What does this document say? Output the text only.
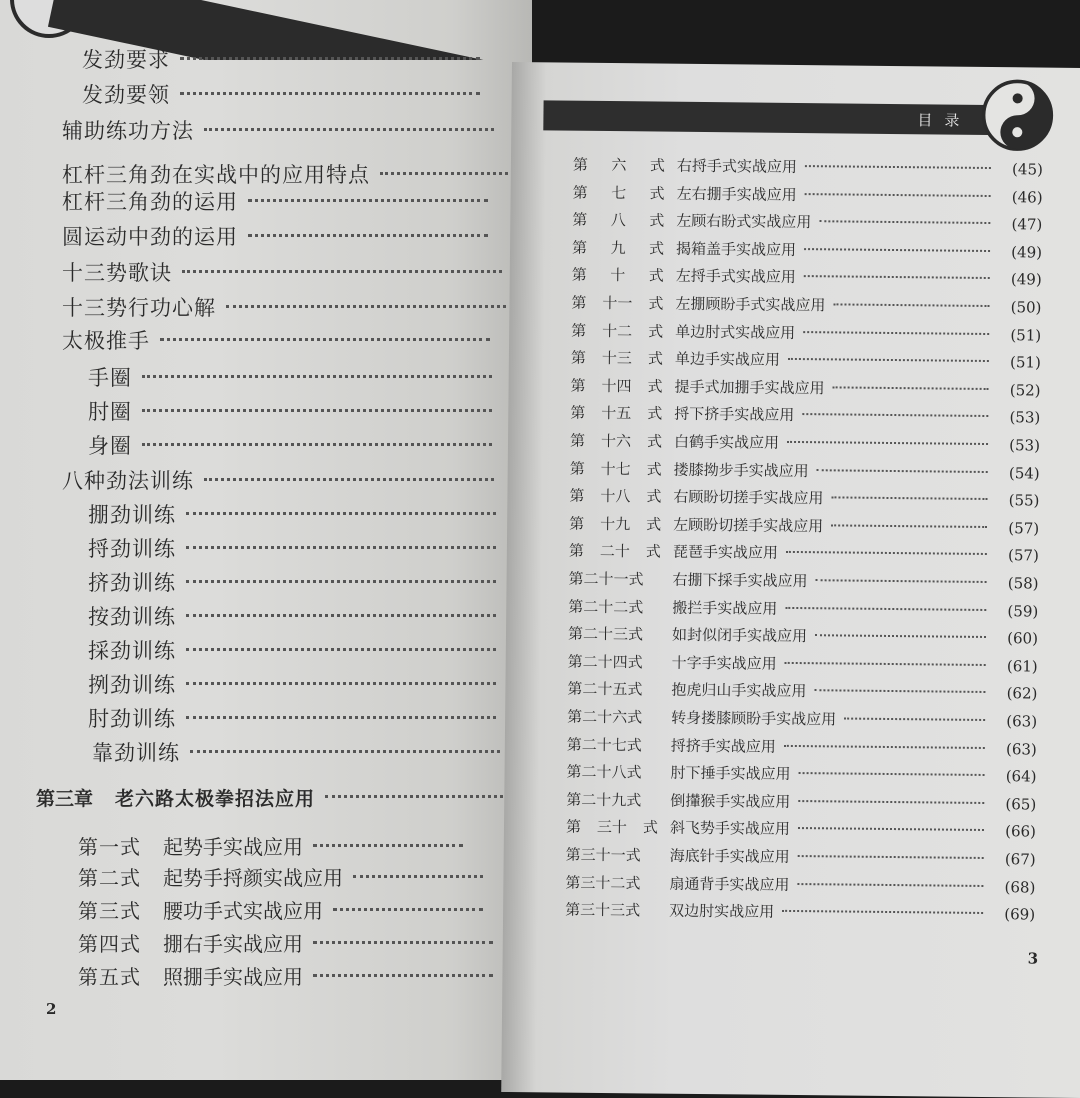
发劲要求
发劲要领
辅助练功方法
杠杆三角劲在实战中的应用特点
杠杆三角劲的运用
圆运动中劲的运用
十三势歌诀
十三势行功心解
太极推手
手圈
肘圈
身圈
八种劲法训练
掤劲训练
捋劲训练
挤劲训练
按劲训练
採劲训练
挒劲训练
肘劲训练
靠劲训练
第三章 老六路太极拳招法应用
第一式 起势手实战应用
第二式 起势手捋颜实战应用
第三式 腰功手式实战应用
第四式 掤右手实战应用
第五式 照掤手实战应用
2
目录
第 六 式 右捋手式实战应用	(45)
第 七 式 左右掤手实战应用	(46)
第 八 式 左顾右盼式实战应用	(47)
第 九 式 揭箱盖手实战应用	(49)
第 十 式 左捋手式实战应用	(49)
第 十一 式 左掤顾盼手式实战应用	(50)
第 十二 式 单边肘式实战应用	(51)
第 十三 式 单边手实战应用	(51)
第 十四 式 提手式加掤手实战应用	(52)
第 十五 式 捋下挤手实战应用	(53)
第 十六 式 白鹤手实战应用	(53)
第 十七 式 搂膝拗步手实战应用	(54)
第 十八 式 右顾盼切搓手实战应用	(55)
第 十九 式 左顾盼切搓手实战应用	(57)
第 二十 式 琵琶手实战应用	(57)
第二十一式 右掤下採手实战应用	(58)
第二十二式 搬拦手实战应用	(59)
第二十三式 如封似闭手实战应用	(60)
第二十四式 十字手实战应用	(61)
第二十五式 抱虎归山手实战应用	(62)
第二十六式 转身搂膝顾盼手实战应用	(63)
第二十七式 捋挤手实战应用	(63)
第二十八式 肘下捶手实战应用	(64)
第二十九式 倒攆猴手实战应用	(65)
第 三十 式 斜飞势手实战应用	(66)
第三十一式 海底针手实战应用	(67)
第三十二式 扇通背手实战应用	(68)
第三十三式 双边肘实战应用	(69)
3
